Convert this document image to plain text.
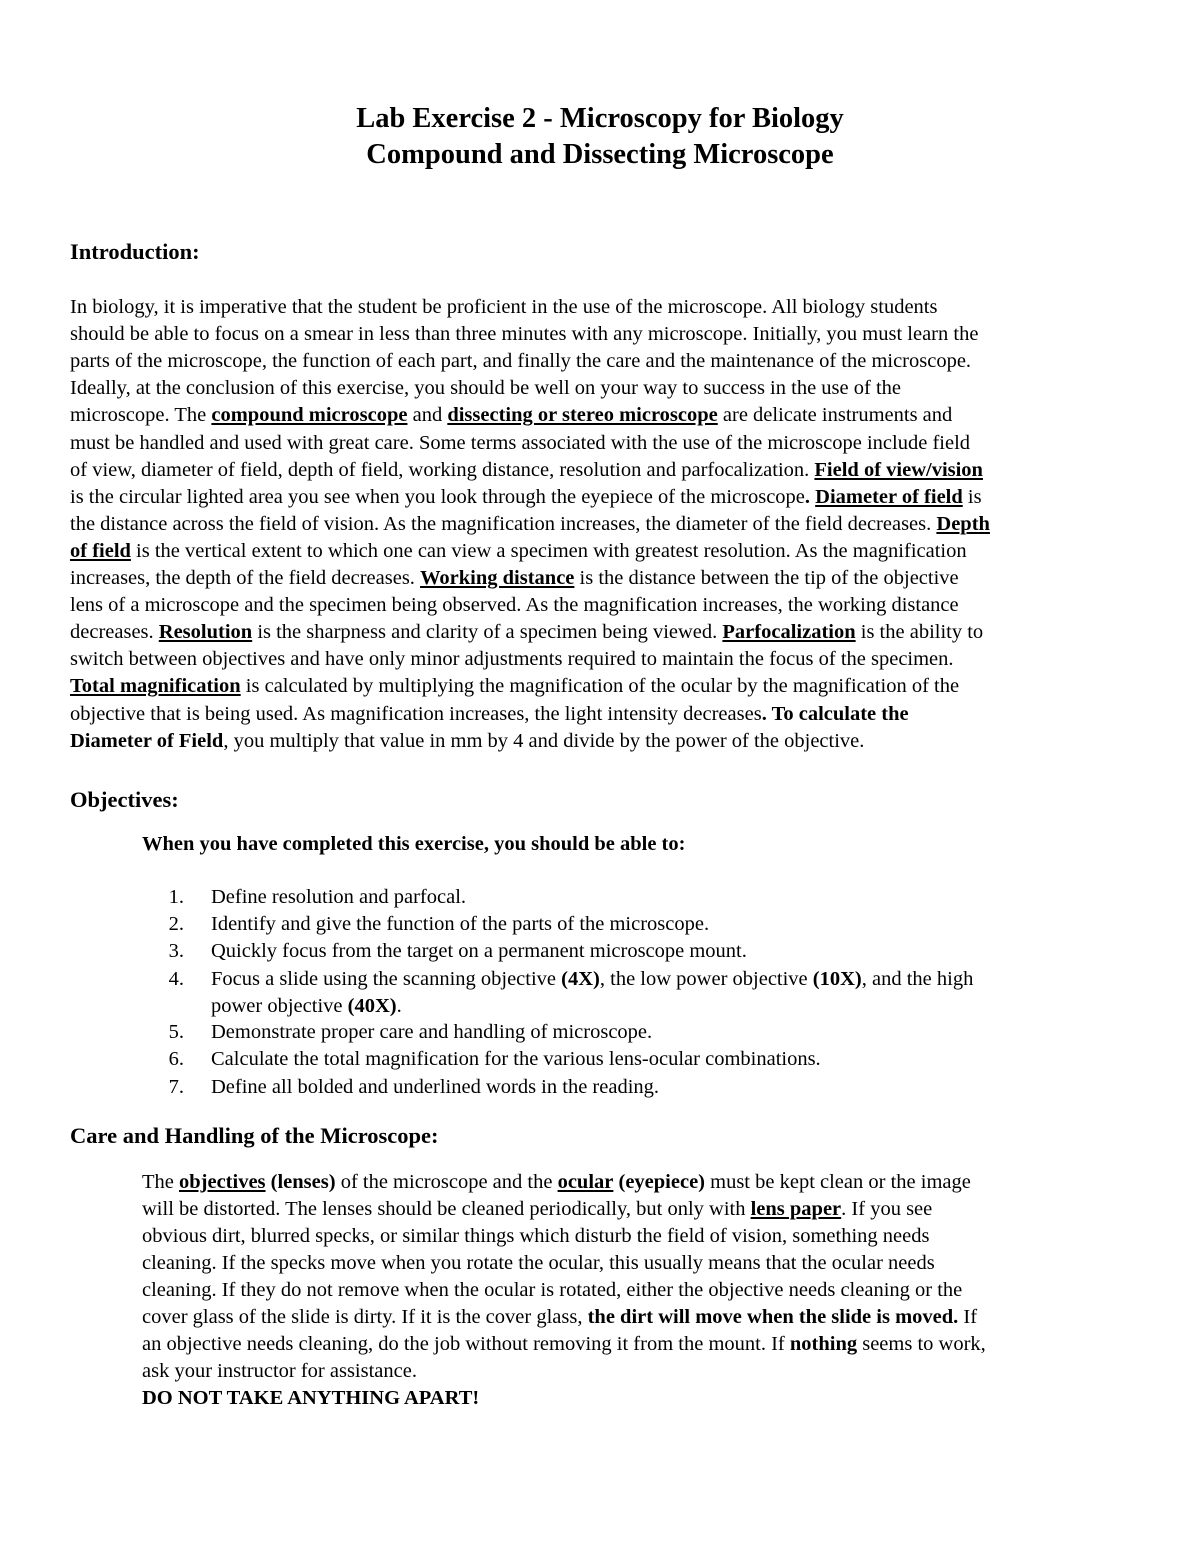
Lab Exercise 2 - Microscopy for Biology
Compound and Dissecting Microscope
Introduction:
In biology, it is imperative that the student be proficient in the use of the microscope. All biology students
should be able to focus on a smear in less than three minutes with any microscope. Initially, you must learn the
parts of the microscope, the function of each part, and finally the care and the maintenance of the microscope.
Ideally, at the conclusion of this exercise, you should be well on your way to success in the use of the
microscope. The compound microscope and dissecting or stereo microscope are delicate instruments and
must be handled and used with great care. Some terms associated with the use of the microscope include field
of view, diameter of field, depth of field, working distance, resolution and parfocalization. Field of view/vision
is the circular lighted area you see when you look through the eyepiece of the microscope. Diameter of field is
the distance across the field of vision. As the magnification increases, the diameter of the field decreases. Depth
of field is the vertical extent to which one can view a specimen with greatest resolution. As the magnification
increases, the depth of the field decreases. Working distance is the distance between the tip of the objective
lens of a microscope and the specimen being observed. As the magnification increases, the working distance
decreases. Resolution is the sharpness and clarity of a specimen being viewed. Parfocalization is the ability to
switch between objectives and have only minor adjustments required to maintain the focus of the specimen.
Total magnification is calculated by multiplying the magnification of the ocular by the magnification of the
objective that is being used. As magnification increases, the light intensity decreases. To calculate the
Diameter of Field, you multiply that value in mm by 4 and divide by the power of the objective.
Objectives:
When you have completed this exercise, you should be able to:
1. Define resolution and parfocal.
2. Identify and give the function of the parts of the microscope.
3. Quickly focus from the target on a permanent microscope mount.
4. Focus a slide using the scanning objective (4X), the low power objective (10X), and the high
power objective (40X).
5. Demonstrate proper care and handling of microscope.
6. Calculate the total magnification for the various lens-ocular combinations.
7. Define all bolded and underlined words in the reading.
Care and Handling of the Microscope:
The objectives (lenses) of the microscope and the ocular (eyepiece) must be kept clean or the image
will be distorted. The lenses should be cleaned periodically, but only with lens paper. If you see
obvious dirt, blurred specks, or similar things which disturb the field of vision, something needs
cleaning. If the specks move when you rotate the ocular, this usually means that the ocular needs
cleaning. If they do not remove when the ocular is rotated, either the objective needs cleaning or the
cover glass of the slide is dirty. If it is the cover glass, the dirt will move when the slide is moved. If
an objective needs cleaning, do the job without removing it from the mount. If nothing seems to work,
ask your instructor for assistance.
DO NOT TAKE ANYTHING APART!
